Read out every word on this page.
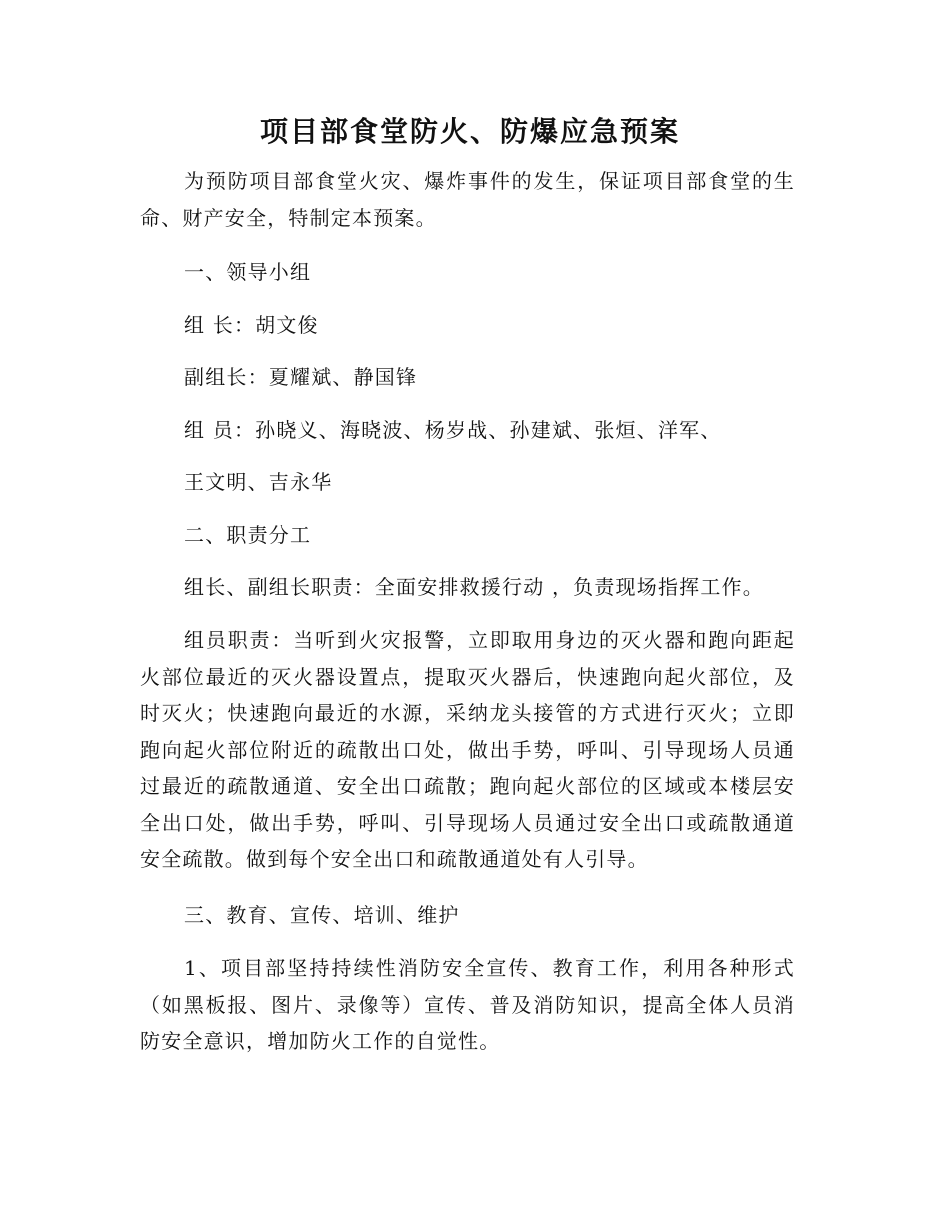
项目部食堂防火、防爆应急预案

为预防项目部食堂火灾、爆炸事件的发生，保证项目部食堂的生命、财产安全，特制定本预案。

一、领导小组

组 长：胡文俊

副组长：夏耀斌、静国锋

组 员：孙晓义、海晓波、杨岁战、孙建斌、张烜、洋军、

王文明、吉永华

二、职责分工

组长、副组长职责：全面安排救援行动 ，负责现场指挥工作。

组员职责：当听到火灾报警，立即取用身边的灭火器和跑向距起火部位最近的灭火器设置点，提取灭火器后，快速跑向起火部位，及时灭火；快速跑向最近的水源，采纳龙头接管的方式进行灭火；立即跑向起火部位附近的疏散出口处，做出手势，呼叫、引导现场人员通过最近的疏散通道、安全出口疏散；跑向起火部位的区域或本楼层安全出口处，做出手势，呼叫、引导现场人员通过安全出口或疏散通道安全疏散。做到每个安全出口和疏散通道处有人引导。

三、教育、宣传、培训、维护

1、项目部坚持持续性消防安全宣传、教育工作，利用各种形式（如黑板报、图片、录像等）宣传、普及消防知识，提高全体人员消防安全意识，增加防火工作的自觉性。
